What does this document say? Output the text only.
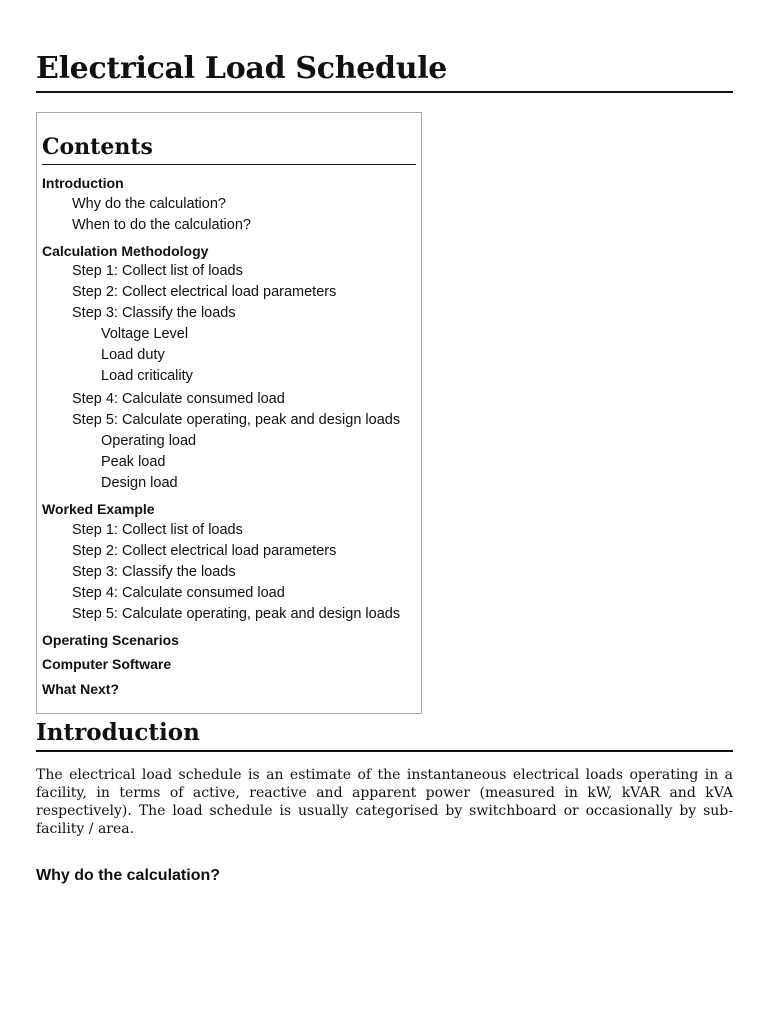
Electrical Load Schedule
Contents
Introduction
Why do the calculation?
When to do the calculation?
Calculation Methodology
Step 1: Collect list of loads
Step 2: Collect electrical load parameters
Step 3: Classify the loads
Voltage Level
Load duty
Load criticality
Step 4: Calculate consumed load
Step 5: Calculate operating, peak and design loads
Operating load
Peak load
Design load
Worked Example
Step 1: Collect list of loads
Step 2: Collect electrical load parameters
Step 3: Classify the loads
Step 4: Calculate consumed load
Step 5: Calculate operating, peak and design loads
Operating Scenarios
Computer Software
What Next?
Introduction

The electrical load schedule is an estimate of the instantaneous electrical loads operating in a facility, in terms of active, reactive and apparent power (measured in kW, kVAR and kVA respectively). The load schedule is usually categorised by switchboard or occasionally by sub-facility / area.

Why do the calculation?
